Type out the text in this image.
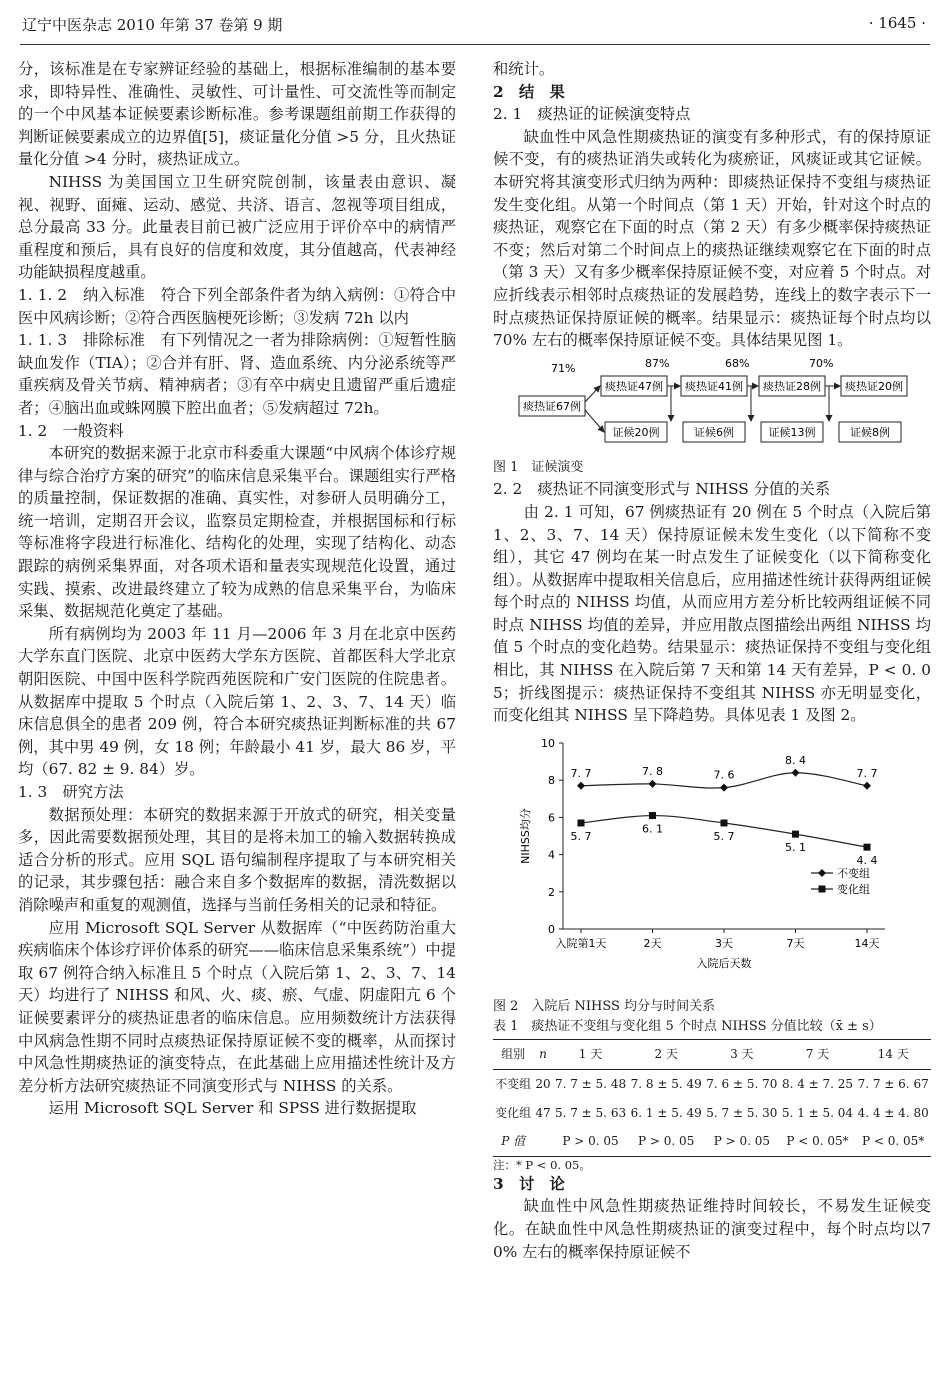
辽宁中医杂志 2010 年第 37 卷第 9 期	· 1645 ·

分，该标准是在专家辨证经验的基础上，根据标准编制的基本要求，即特异性、准确性、灵敏性、可计量性、可交流性等而制定的一个中风基本证候要素诊断标准。参考课题组前期工作获得的判断证候要素成立的边界值[5]，痰证量化分值 >5 分，且火热证量化分值 >4 分时，痰热证成立。

NIHSS 为美国国立卫生研究院创制，该量表由意识、凝视、视野、面瘫、运动、感觉、共济、语言、忽视等项目组成，总分最高 33 分。此量表目前已被广泛应用于评价卒中的病情严重程度和预后，具有良好的信度和效度，其分值越高，代表神经功能缺损程度越重。

1. 1. 2　纳入标准　符合下列全部条件者为纳入病例：①符合中医中风病诊断；②符合西医脑梗死诊断；③发病 72h 以内

1. 1. 3　排除标准　有下列情况之一者为排除病例：①短暂性脑缺血发作（TIA）；②合并有肝、肾、造血系统、内分泌系统等严重疾病及骨关节病、精神病者；③有卒中病史且遗留严重后遗症者；④脑出血或蛛网膜下腔出血者；⑤发病超过 72h。

1. 2　一般资料

本研究的数据来源于北京市科委重大课题“中风病个体诊疗规律与综合治疗方案的研究”的临床信息采集平台。课题组实行严格的质量控制，保证数据的准确、真实性，对参研人员明确分工，统一培训，定期召开会议，监察员定期检查，并根据国标和行标等标准将字段进行标准化、结构化的处理，实现了结构化、动态跟踪的病例采集界面，对各项术语和量表实现规范化设置，通过实践、摸索、改进最终建立了较为成熟的信息采集平台，为临床采集、数据规范化奠定了基础。

所有病例均为 2003 年 11 月—2006 年 3 月在北京中医药大学东直门医院、北京中医药大学东方医院、首都医科大学北京朝阳医院、中国中医科学院西苑医院和广安门医院的住院患者。从数据库中提取 5 个时点（入院后第 1、2、3、7、14 天）临床信息俱全的患者 209 例，符合本研究痰热证判断标准的共 67 例，其中男 49 例，女 18 例；年龄最小 41 岁，最大 86 岁，平均（67. 82 ± 9. 84）岁。

1. 3　研究方法

数据预处理：本研究的数据来源于开放式的研究，相关变量多，因此需要数据预处理，其目的是将未加工的输入数据转换成适合分析的形式。应用 SQL 语句编制程序提取了与本研究相关的记录，其步骤包括：融合来自多个数据库的数据，清洗数据以消除噪声和重复的观测值，选择与当前任务相关的记录和特征。

应用 Microsoft SQL Server 从数据库（“中医药防治重大疾病临床个体诊疗评价体系的研究——临床信息采集系统”）中提取 67 例符合纳入标准且 5 个时点（入院后第 1、2、3、7、14 天）均进行了 NIHSS 和风、火、痰、瘀、气虚、阴虚阳亢 6 个证候要素评分的痰热证患者的临床信息。应用频数统计方法获得中风病急性期不同时点痰热证保持原证候不变的概率，从而探讨中风急性期痰热证的演变特点，在此基础上应用描述性统计及方差分析方法研究痰热证不同演变形式与 NIHSS 的关系。

运用 Microsoft SQL Server 和 SPSS 进行数据提取

和统计。

2　结　果

2. 1　痰热证的证候演变特点

缺血性中风急性期痰热证的演变有多种形式，有的保持原证候不变，有的痰热证消失或转化为痰瘀证，风痰证或其它证候。本研究将其演变形式归纳为两种：即痰热证保持不变组与痰热证发生变化组。从第一个时间点（第 1 天）开始，针对这个时点的痰热证，观察它在下面的时点（第 2 天）有多少概率保持痰热证不变；然后对第二个时间点上的痰热证继续观察它在下面的时点（第 3 天）又有多少概率保持原证候不变，对应着 5 个时点。对应折线表示相邻时点痰热证的发展趋势，连线上的数字表示下一时点痰热证保持原证候的概率。结果显示：痰热证每个时点均以 70% 左右的概率保持原证候不变。具体结果见图 1。

痰热证67例
痰热证47例
证候20例
痰热证41例
证候6例
痰热证28例
证候13例
痰热证20例
证候8例
71%	87%	68%	70%

图 1　证候演变

2. 2　痰热证不同演变形式与 NIHSS 分值的关系

由 2. 1 可知，67 例痰热证有 20 例在 5 个时点（入院后第 1、2、3、7、14 天）保持原证候未发生变化（以下简称不变组），其它 47 例均在某一时点发生了证候变化（以下简称变化组）。从数据库中提取相关信息后，应用描述性统计获得两组证候每个时点的 NIHSS 均值，从而应用方差分析比较两组证候不同时点 NIHSS 均值的差异，并应用散点图描绘出两组 NIHSS 均值 5 个时点的变化趋势。结果显示：痰热证保持不变组与变化组相比，其 NIHSS 在入院后第 7 天和第 14 天有差异，P < 0. 05；折线图提示：痰热证保持不变组其 NIHSS 亦无明显变化，而变化组其 NIHSS 呈下降趋势。具体见表 1 及图 2。

0
2
4
6
8
10
入院第1天	2天	3天	7天	14天
入院后天数
NIHSS均分
7. 7	7. 8	7. 6
8. 4
7. 7
5. 7
6. 1
5. 7
5. 1
4. 4
不变组
变化组

图 2　入院后 NIHSS 均分与时间关系

表 1　痰热证不变组与变化组 5 个时点 NIHSS 分值比较（x̄ ± s）

组别	n	1 天	2 天	3 天	7 天	14 天
不变组	20	7. 7 ± 5. 48	7. 8 ± 5. 49	7. 6 ± 5. 70	8. 4 ± 7. 25	7. 7 ± 6. 67
变化组	47	5. 7 ± 5. 63	6. 1 ± 5. 49	5. 7 ± 5. 30	5. 1 ± 5. 04	4. 4 ± 4. 80
P 值		P > 0. 05	P > 0. 05	P > 0. 05	P < 0. 05*	P < 0. 05*

注：* P < 0. 05。

3　讨　论

缺血性中风急性期痰热证维持时间较长，不易发生证候变化。在缺血性中风急性期痰热证的演变过程中，每个时点均以70% 左右的概率保持原证候不
